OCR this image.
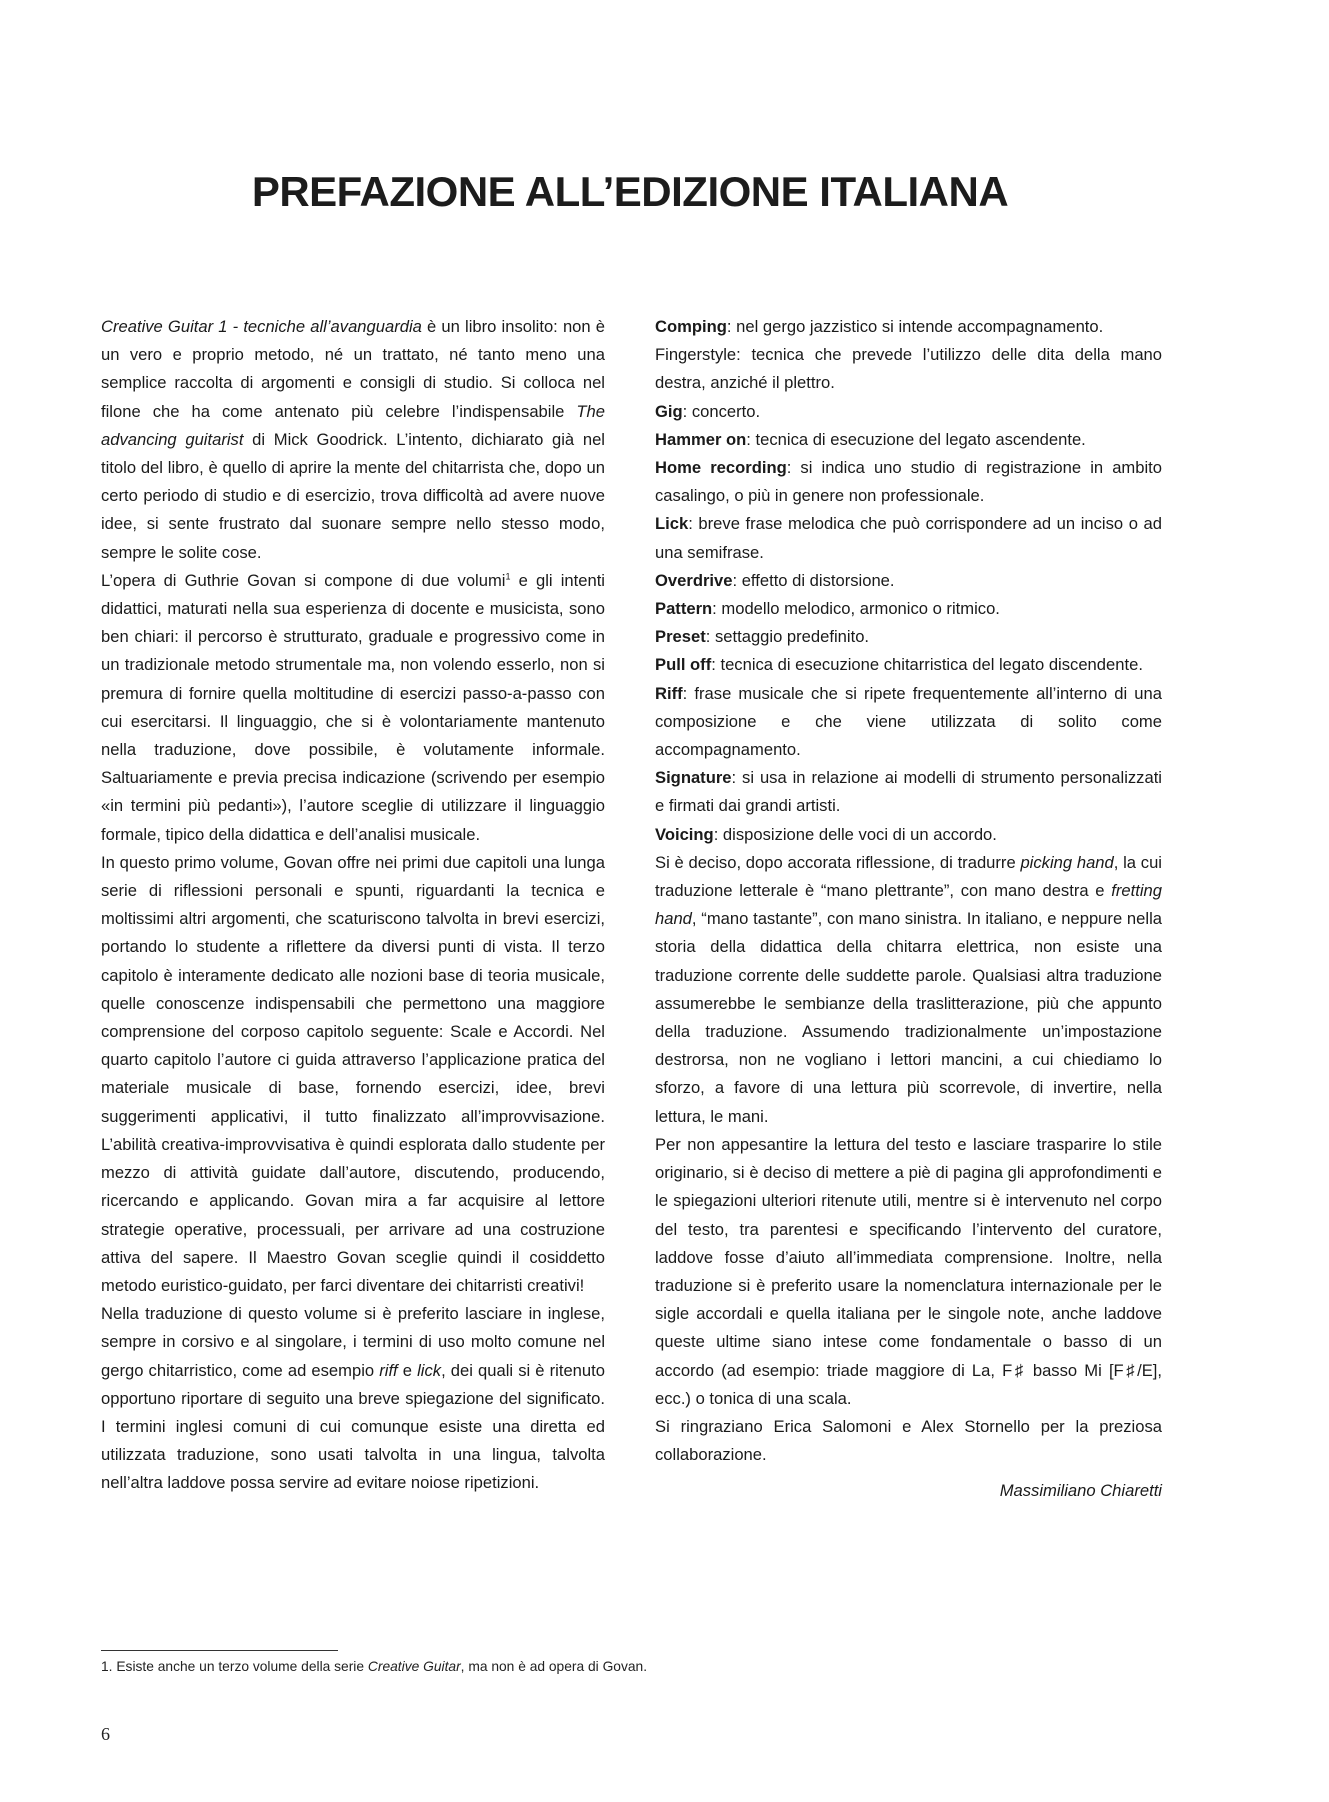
PREFAZIONE ALL’EDIZIONE ITALIANA

Creative Guitar 1 - tecniche all’avanguardia è un libro insolito: non è un vero e proprio metodo, né un trattato, né tanto meno una semplice raccolta di argomenti e consigli di studio. Si colloca nel filone che ha come antenato più celebre l’indispensabile The advancing guitarist di Mick Goodrick. L’intento, dichiarato già nel titolo del libro, è quello di aprire la mente del chitarrista che, dopo un certo periodo di studio e di esercizio, trova difficoltà ad avere nuove idee, si sente frustrato dal suonare sempre nello stesso modo, sempre le solite cose.

L’opera di Guthrie Govan si compone di due volumi$^1$ e gli intenti didattici, maturati nella sua esperienza di docente e musicista, sono ben chiari: il percorso è strutturato, graduale e progressivo come in un tradizionale metodo strumentale ma, non volendo esserlo, non si premura di fornire quella moltitudine di esercizi passo-a-passo con cui esercitarsi. Il linguaggio, che si è volontariamente mantenuto nella traduzione, dove possibile, è volutamente informale. Saltuariamente e previa precisa indicazione (scrivendo per esempio «in termini più pedanti»), l’autore sceglie di utilizzare il linguaggio formale, tipico della didattica e dell’analisi musicale.

In questo primo volume, Govan offre nei primi due capitoli una lunga serie di riflessioni personali e spunti, riguardanti la tecnica e moltissimi altri argomenti, che scaturiscono talvolta in brevi esercizi, portando lo studente a riflettere da diversi punti di vista. Il terzo capitolo è interamente dedicato alle nozioni base di teoria musicale, quelle conoscenze indispensabili che permettono una maggiore comprensione del corposo capitolo seguente: Scale e Accordi. Nel quarto capitolo l’autore ci guida attraverso l’applicazione pratica del materiale musicale di base, fornendo esercizi, idee, brevi suggerimenti applicativi, il tutto finalizzato all’improvvisazione. L’abilità creativa-improvvisativa è quindi esplorata dallo studente per mezzo di attività guidate dall’autore, discutendo, producendo, ricercando e applicando. Govan mira a far acquisire al lettore strategie operative, processuali, per arrivare ad una costruzione attiva del sapere. Il Maestro Govan sceglie quindi il cosiddetto metodo euristico-guidato, per farci diventare dei chitarristi creativi!

Nella traduzione di questo volume si è preferito lasciare in inglese, sempre in corsivo e al singolare, i termini di uso molto comune nel gergo chitarristico, come ad esempio riff e lick, dei quali si è ritenuto opportuno riportare di seguito una breve spiegazione del significato. I termini inglesi comuni di cui comunque esiste una diretta ed utilizzata traduzione, sono usati talvolta in una lingua, talvolta nell’altra laddove possa servire ad evitare noiose ripetizioni.

Comping: nel gergo jazzistico si intende accompagnamento.

Fingerstyle: tecnica che prevede l’utilizzo delle dita della mano destra, anziché il plettro.

Gig: concerto.

Hammer on: tecnica di esecuzione del legato ascendente.

Home recording: si indica uno studio di registrazione in ambito casalingo, o più in genere non professionale.

Lick: breve frase melodica che può corrispondere ad un inciso o ad una semifrase.

Overdrive: effetto di distorsione.

Pattern: modello melodico, armonico o ritmico.

Preset: settaggio predefinito.

Pull off: tecnica di esecuzione chitarristica del legato discendente.

Riff: frase musicale che si ripete frequentemente all’interno di una composizione e che viene utilizzata di solito come accompagnamento.

Signature: si usa in relazione ai modelli di strumento personalizzati e firmati dai grandi artisti.

Voicing: disposizione delle voci di un accordo.

Si è deciso, dopo accorata riflessione, di tradurre picking hand, la cui traduzione letterale è “mano plettrante”, con mano destra e fretting hand, “mano tastante”, con mano sinistra. In italiano, e neppure nella storia della didattica della chitarra elettrica, non esiste una traduzione corrente delle suddette parole. Qualsiasi altra traduzione assumerebbe le sembianze della traslitterazione, più che appunto della traduzione. Assumendo tradizionalmente un’impostazione destrorsa, non ne vogliano i lettori mancini, a cui chiediamo lo sforzo, a favore di una lettura più scorrevole, di invertire, nella lettura, le mani.

Per non appesantire la lettura del testo e lasciare trasparire lo stile originario, si è deciso di mettere a piè di pagina gli approfondimenti e le spiegazioni ulteriori ritenute utili, mentre si è intervenuto nel corpo del testo, tra parentesi e specificando l’intervento del curatore, laddove fosse d’aiuto all’immediata comprensione. Inoltre, nella traduzione si è preferito usare la nomenclatura internazionale per le sigle accordali e quella italiana per le singole note, anche laddove queste ultime siano intese come fondamentale o basso di un accordo (ad esempio: triade maggiore di La, F♯ basso Mi [F♯/E], ecc.) o tonica di una scala.

Si ringraziano Erica Salomoni e Alex Stornello per la preziosa collaborazione.

Massimiliano Chiaretti

1. Esiste anche un terzo volume della serie Creative Guitar, ma non è ad opera di Govan.
6
